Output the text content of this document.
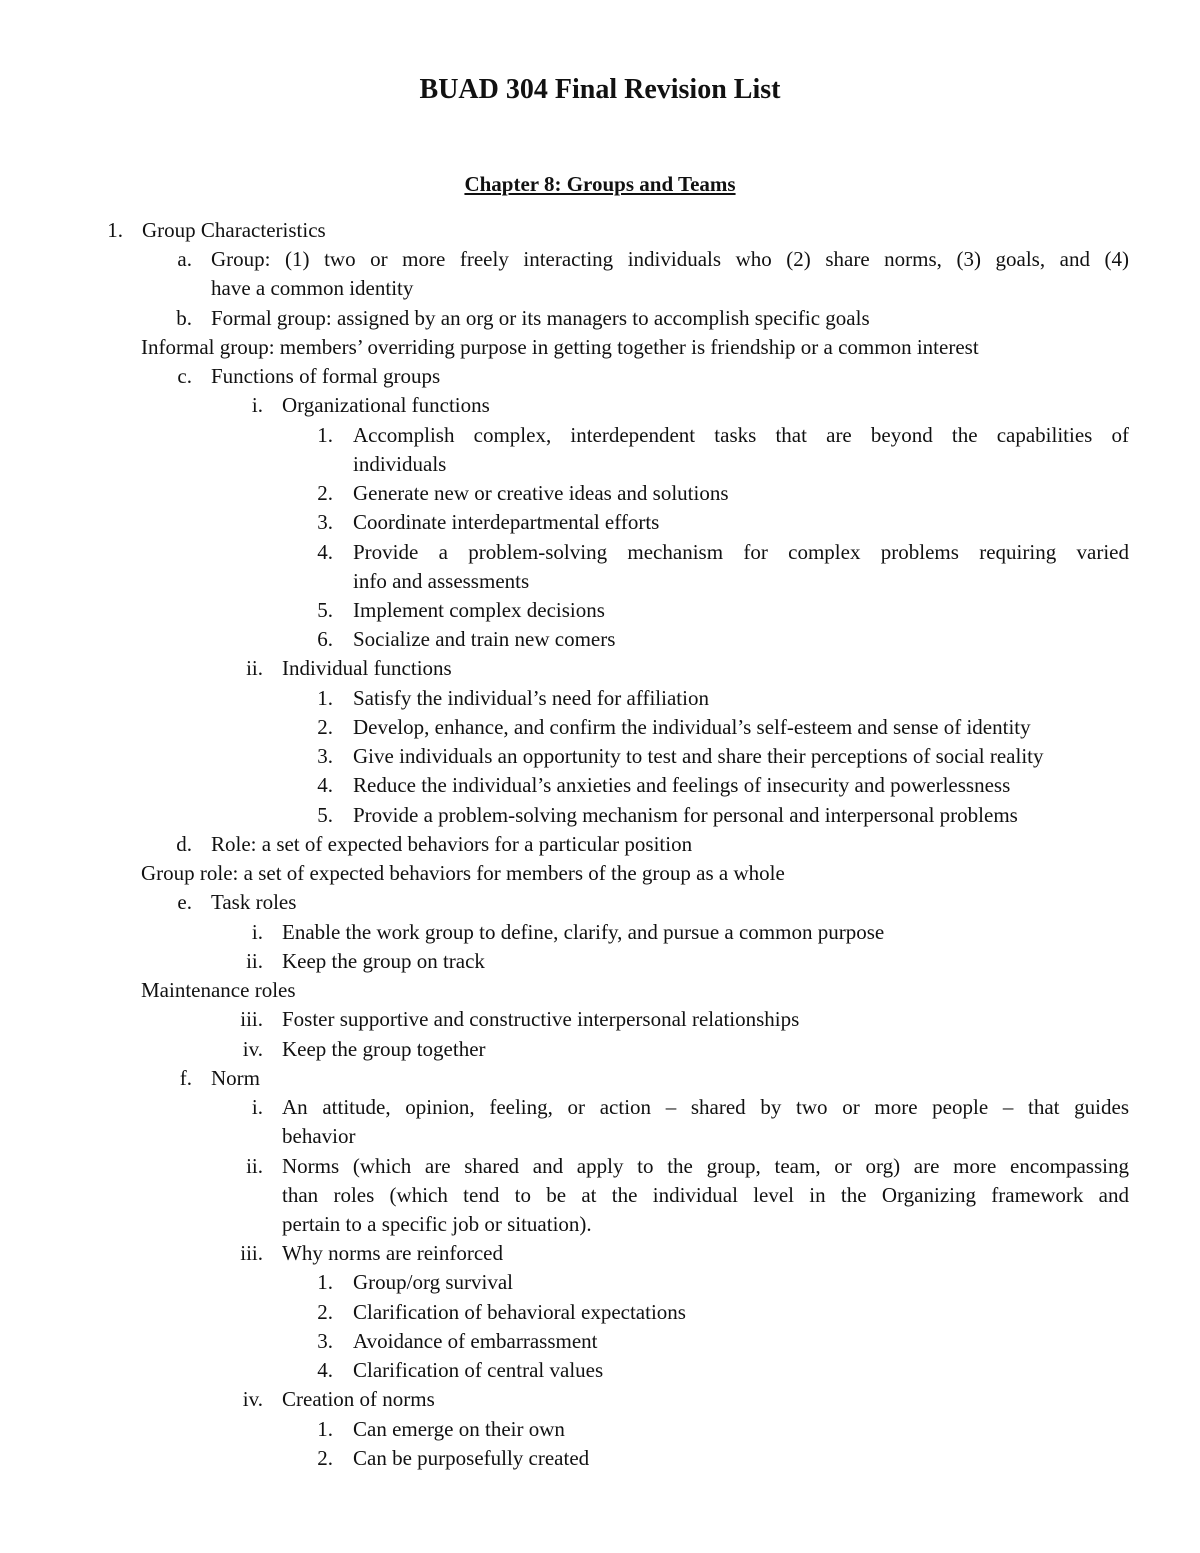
BUAD 304 Final Revision List
Chapter 8: Groups and Teams
1. Group Characteristics
a. Group: (1) two or more freely interacting individuals who (2) share norms, (3) goals, and (4)
have a common identity
b. Formal group: assigned by an org or its managers to accomplish specific goals
Informal group: members’ overriding purpose in getting together is friendship or a common interest
c. Functions of formal groups
i. Organizational functions
1. Accomplish complex, interdependent tasks that are beyond the capabilities of
individuals
2. Generate new or creative ideas and solutions
3. Coordinate interdepartmental efforts
4. Provide a problem-solving mechanism for complex problems requiring varied
info and assessments
5. Implement complex decisions
6. Socialize and train new comers
ii. Individual functions
1. Satisfy the individual’s need for affiliation
2. Develop, enhance, and confirm the individual’s self-esteem and sense of identity
3. Give individuals an opportunity to test and share their perceptions of social reality
4. Reduce the individual’s anxieties and feelings of insecurity and powerlessness
5. Provide a problem-solving mechanism for personal and interpersonal problems
d. Role: a set of expected behaviors for a particular position
Group role: a set of expected behaviors for members of the group as a whole
e. Task roles
i. Enable the work group to define, clarify, and pursue a common purpose
ii. Keep the group on track
Maintenance roles
iii. Foster supportive and constructive interpersonal relationships
iv. Keep the group together
f. Norm
i. An attitude, opinion, feeling, or action – shared by two or more people – that guides
behavior
ii. Norms (which are shared and apply to the group, team, or org) are more encompassing
than roles (which tend to be at the individual level in the Organizing framework and
pertain to a specific job or situation).
iii. Why norms are reinforced
1. Group/org survival
2. Clarification of behavioral expectations
3. Avoidance of embarrassment
4. Clarification of central values
iv. Creation of norms
1. Can emerge on their own
2. Can be purposefully created
